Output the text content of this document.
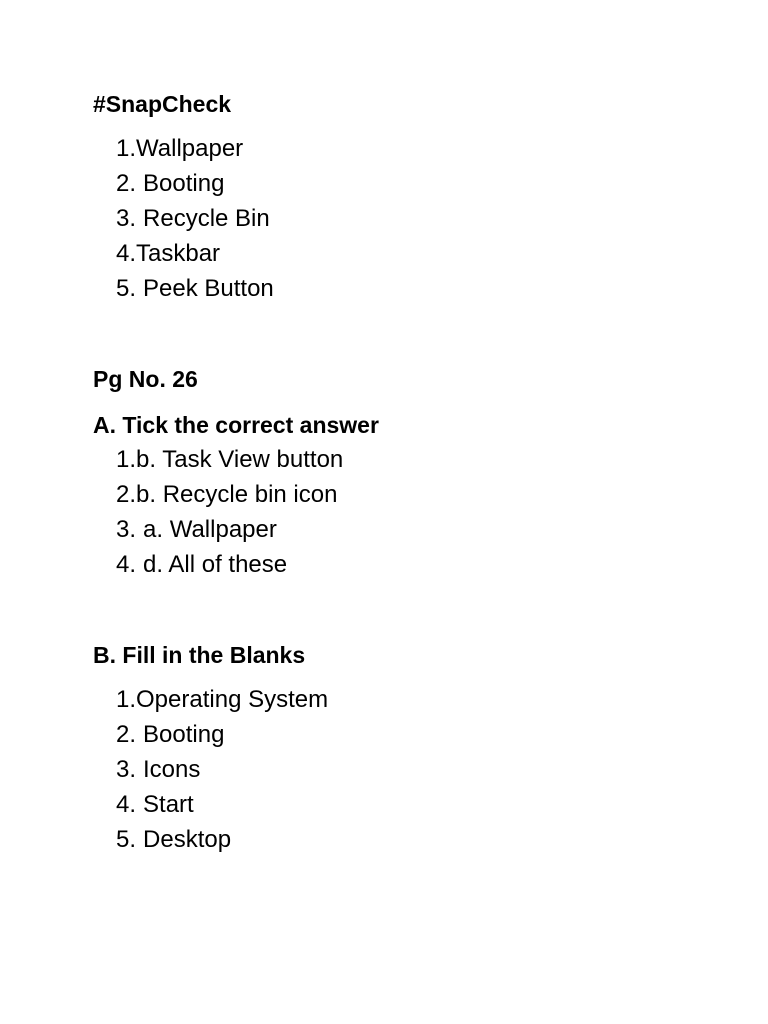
#SnapCheck
1.Wallpaper
2. Booting
3. Recycle Bin
4.Taskbar
5. Peek Button
Pg No. 26
A. Tick the correct answer
1.b. Task View button
2.b. Recycle bin icon
3. a. Wallpaper
4. d. All of these
B. Fill in the Blanks
1.Operating System
2. Booting
3. Icons
4. Start
5. Desktop
